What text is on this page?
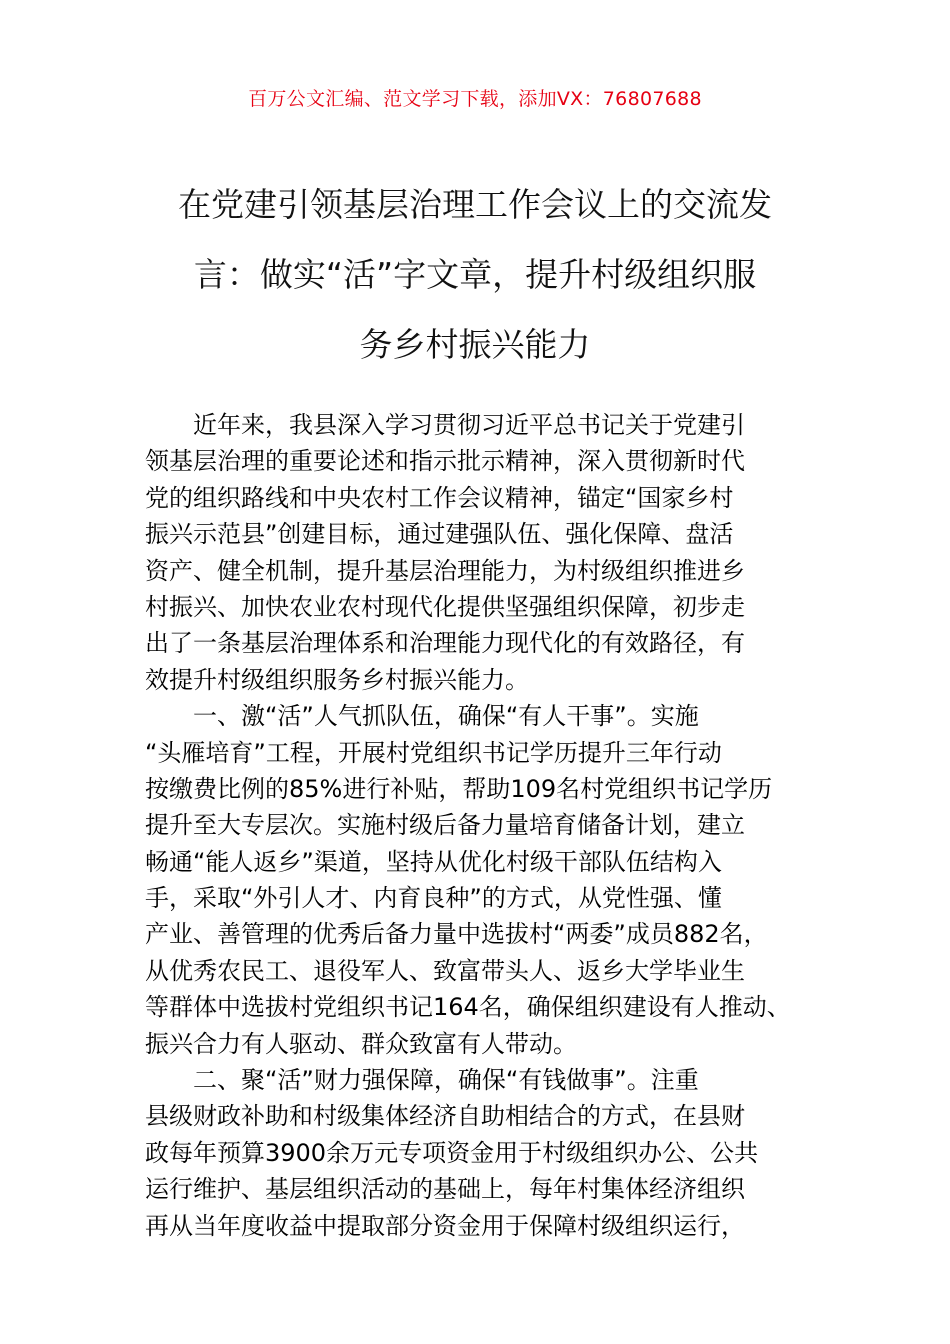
百万公文汇编、范文学习下载，添加VX：76807688
在党建引领基层治理工作会议上的交流发
言：做实“活”字文章，提升村级组织服
务乡村振兴能力
近年来，我县深入学习贯彻习近平总书记关于党建引
领基层治理的重要论述和指示批示精神，深入贯彻新时代
党的组织路线和中央农村工作会议精神，锚定“国家乡村
振兴示范县”创建目标，通过建强队伍、强化保障、盘活
资产、健全机制，提升基层治理能力，为村级组织推进乡
村振兴、加快农业农村现代化提供坚强组织保障，初步走
出了一条基层治理体系和治理能力现代化的有效路径，有
效提升村级组织服务乡村振兴能力。
一、激“活”人气抓队伍，确保“有人干事”。实施
“头雁培育”工程，开展村党组织书记学历提升三年行动
按缴费比例的85%进行补贴，帮助109名村党组织书记学历
提升至大专层次。实施村级后备力量培育储备计划，建立
畅通“能人返乡”渠道，坚持从优化村级干部队伍结构入
手，采取“外引人才、内育良种”的方式，从党性强、懂
产业、善管理的优秀后备力量中选拔村“两委”成员882名，
从优秀农民工、退役军人、致富带头人、返乡大学毕业生
等群体中选拔村党组织书记164名，确保组织建设有人推动、
振兴合力有人驱动、群众致富有人带动。
二、聚“活”财力强保障，确保“有钱做事”。注重
县级财政补助和村级集体经济自助相结合的方式，在县财
政每年预算3900余万元专项资金用于村级组织办公、公共
运行维护、基层组织活动的基础上，每年村集体经济组织
再从当年度收益中提取部分资金用于保障村级组织运行，
